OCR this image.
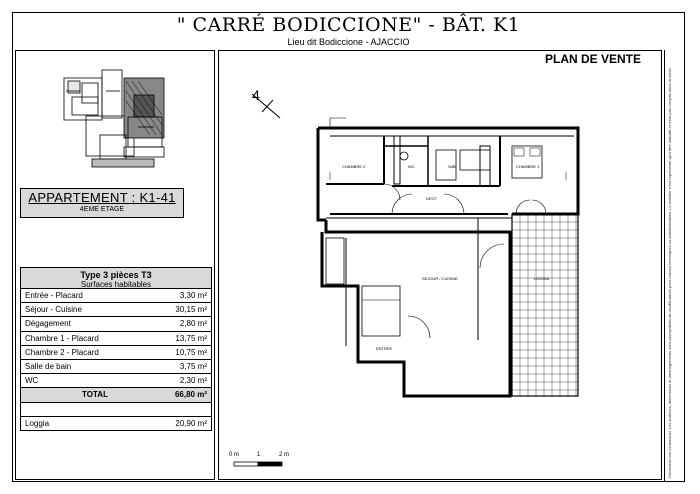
" CARRÉ BODICCIONE" - BÂT. K1
Lieu dit Bodiccione - AJACCIO
APPARTEMENT : K1-41
4EME ETAGE
Type 3 pièces T3
Surfaces habitables
Entrée - Placard	3,30 m²
Séjour - Cuisine	30,15 m²
Dégagement	2,80 m²
Chambre 1 - Placard	13,75 m²
Chambre 2 - Placard	10,75 m²
Salle de bain	3,75 m²
WC	2,30 m²
TOTAL	66,80 m²
Loggia	20,90 m²
PLAN DE VENTE
4
CHAMBRE 2	CHAMBRE 1
WC	SdB
DEGT
SEJOUR / CUISINE
ENTREE
LOGGIA
0 m	1	2 m	Document non contractuel. Les surfaces, dimensions et aménagements sont susceptibles de modifications pour raisons techniques ou administratives. Le mobilier n'est représenté qu'à titre indicatif et n'est pas compris dans la vente.
